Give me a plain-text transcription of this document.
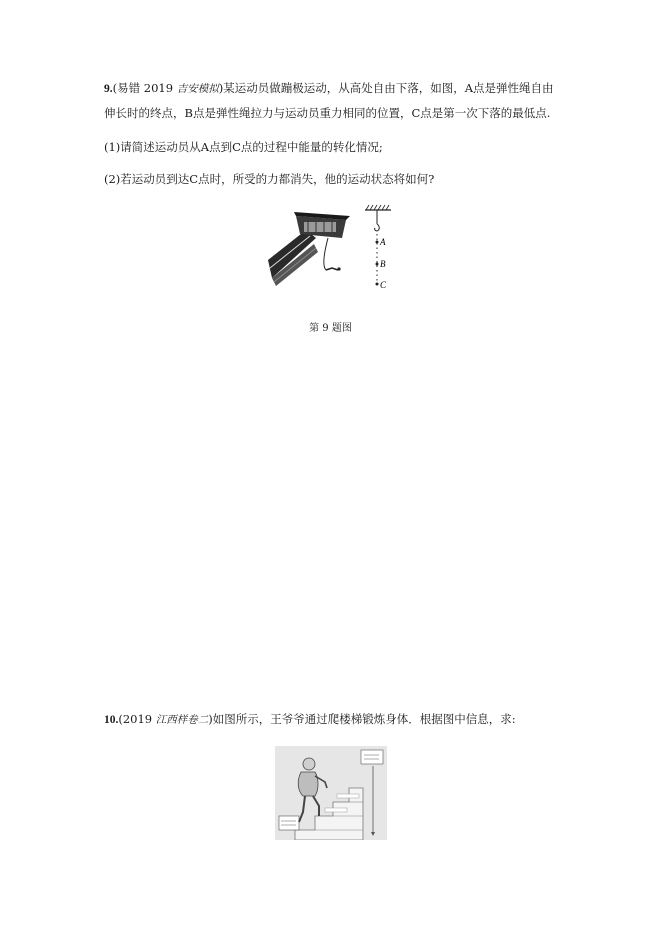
9.(易错 2019 吉安模拟)某运动员做蹦极运动，从高处自由下落，如图，A点是弹性绳自由
伸长时的终点，B点是弹性绳拉力与运动员重力相同的位置，C点是第一次下落的最低点.
(1)请简述运动员从A点到C点的过程中能量的转化情况;
(2)若运动员到达C点时，所受的力都消失，他的运动状态将如何?
A
B
C
第 9 题图
10.(2019 江西样卷二)如图所示，王爷爷通过爬楼梯锻炼身体．根据图中信息，求:
